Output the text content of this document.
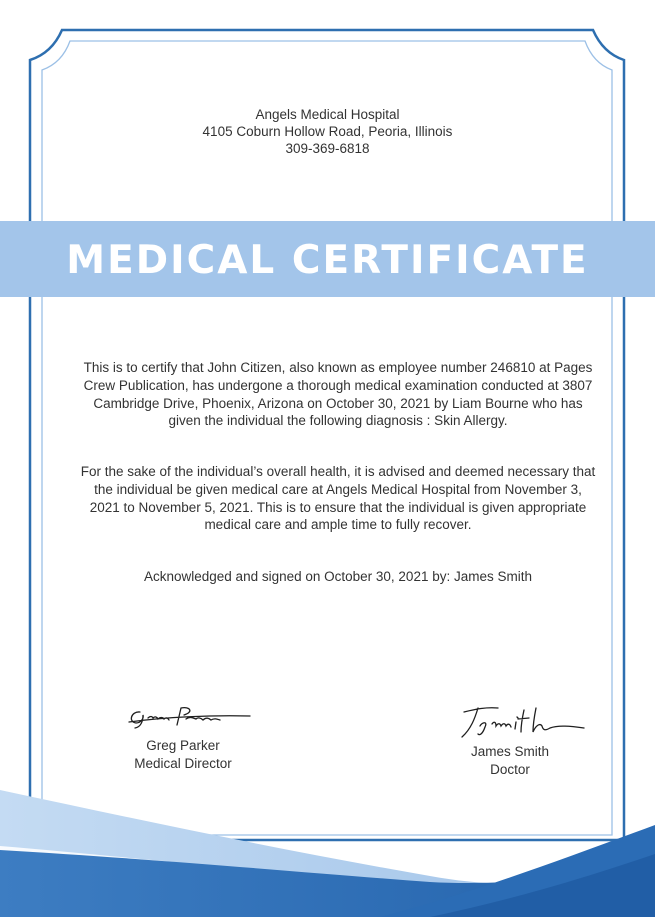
Angels Medical Hospital
4105 Coburn Hollow Road, Peoria, Illinois
309-369-6818
MEDICAL CERTIFICATE
This is to certify that John Citizen, also known as employee number 246810 at Pages Crew Publication, has undergone a thorough medical examination conducted at 3807 Cambridge Drive, Phoenix, Arizona on October 30, 2021 by Liam Bourne who has given the individual the following diagnosis : Skin Allergy.
For the sake of the individual’s overall health, it is advised and deemed necessary that the individual be given medical care at Angels Medical Hospital from November 3, 2021 to November 5, 2021. This is to ensure that the individual is given appropriate medical care and ample time to fully recover.
Acknowledged and signed on October 30, 2021 by: James Smith
Greg Parker
Medical Director
James Smith
Doctor
